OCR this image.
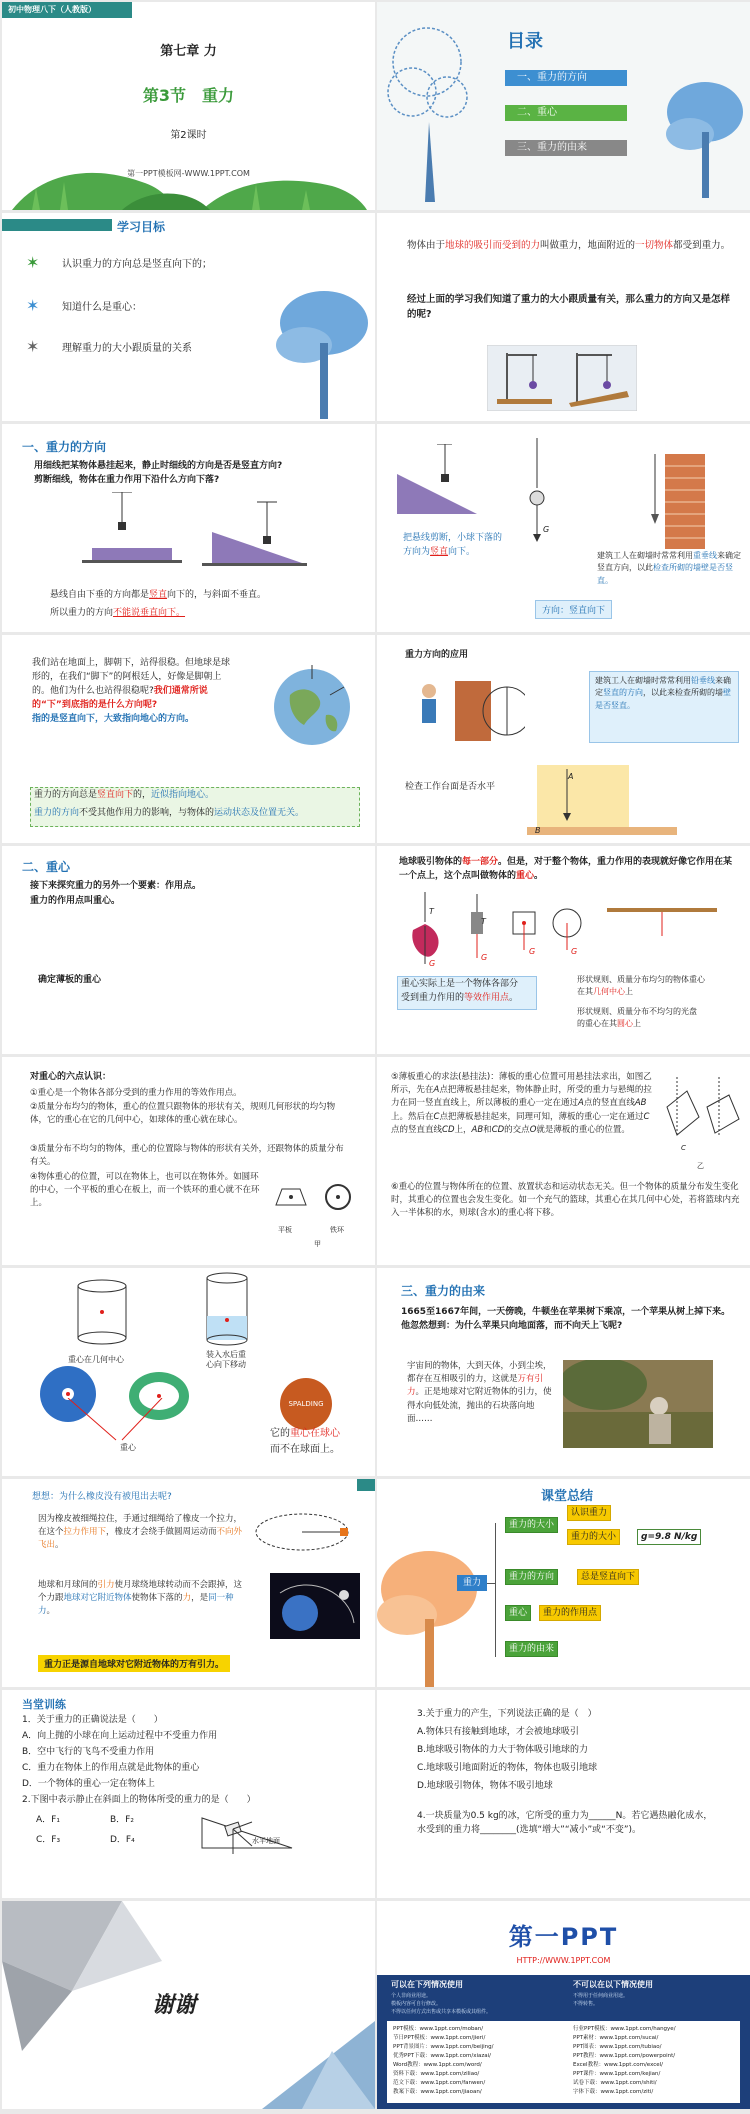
初中物理八下（人教版）
第七章 力
第3节　重力
第2课时
第一PPT模板网-WWW.1PPT.COM
目录
一、重力的方向
二、重心
三、重力的由来
学习目标
✶ 认识重力的方向总是竖直向下的；
✶ 知道什么是重心：
✶ 理解重力的大小跟质量的关系
物体由于地球的吸引而受到的力叫做重力，地面附近的一切物体都受到重力。
经过上面的学习我们知道了重力的大小跟质量有关，那么重力的方向又是怎样的呢?
一、重力的方向
用细线把某物体悬挂起来，静止时细线的方向是否是竖直方向?
剪断细线，物体在重力作用下沿什么方向下落?
悬线自由下垂的方向都是竖直向下的，与斜面不垂直。
所以重力的方向不能说垂直向下。
G
把悬线剪断，小球下落的
方向为竖直向下。	建筑工人在砌墙时常常利用重垂线来确定竖直方向，以此检查所砌的墙壁是否竖直。
方向：竖直向下
我们站在地面上，脚朝下，站得很稳。但地球是球形的，在我们“脚下”的阿根廷人，好像是脚朝上的。他们为什么也站得很稳呢?我们通常所说的“下”到底指的是什么方向呢?
指的是竖直向下，大致指向地心的方向。
重力的方向总是竖直向下的，近似指向地心。
重力的方向不受其他作用力的影响，与物体的运动状态及位置无关。
重力方向的应用
建筑工人在砌墙时常常利用铅垂线来确定竖直的方向，以此来检查所砌的墙壁是否竖直。
检查工作台面是否水平
A
B
二、重心
接下来探究重力的另外一个要素：作用点。
重力的作用点叫重心。
确定薄板的重心
地球吸引物体的每一部分。但是，对于整个物体，重力作用的表现就好像它作用在某一个点上，这个点叫做物体的重心。
T
T
G
G
G	G
重心实际上是一个物体各部分
受到重力作用的等效作用点。
形状规则、质量分布均匀的物体重心
在其几何中心上
形状规则、质量分布不均匀的光盘
的重心在其圆心上
对重心的六点认识：
①重心是一个物体各部分受到的重力作用的等效作用点。
②质量分布均匀的物体，重心的位置只跟物体的形状有关，规则几何形状的均匀物体，它的重心在它的几何中心，如球体的重心就在球心。
③质量分布不均匀的物体，重心的位置除与物体的形状有关外，还跟物体的质量分布有关。
④物体重心的位置，可以在物体上，也可以在物体外。如圆环的中心，一个平板的重心在板上，而一个铁环的重心就不在环上。
平板	铁环
甲
⑤薄板重心的求法(悬挂法)：薄板的重心位置可用悬挂法求出，如图乙所示，先在A点把薄板悬挂起来，物体静止时，所受的重力与悬绳的拉力在同一竖直直线上，所以薄板的重心一定在通过A点的竖直直线AB上。然后在C点把薄板悬挂起来，同理可知，薄板的重心一定在通过C点的竖直直线CD上，AB和CD的交点O就是薄板的重心的位置。
乙
C
⑥重心的位置与物体所在的位置、放置状态和运动状态无关。但一个物体的质量分布发生变化时，其重心的位置也会发生变化。如一个充气的篮球，其重心在其几何中心处，若将篮球内充入一半体积的水，则球(含水)的重心将下移。
重心在几何中心
装入水后重
心向下移动
重心
SPALDING
它的重心在球心
而不在球面上。
三、重力的由来
1665至1667年间，一天傍晚，牛顿坐在苹果树下乘凉，一个苹果从树上掉下来。他忽然想到：为什么苹果只向地面落，而不向天上飞呢?
宇宙间的物体，大到天体，小到尘埃，都存在互相吸引的力，这就是万有引力。正是地球对它附近物体的引力，使得水向低处流，抛出的石块落向地面……
想想：为什么橡皮没有被甩出去呢?
因为橡皮被细绳拉住，手通过细绳给了橡皮一个拉力，在这个拉力作用下，橡皮才会绕手做圆周运动而不向外飞出。
地球和月球间的引力使月球绕地球转动而不会跟掉，这个力跟地球对它附近物体使物体下落的力，是同一种力。
重力正是源自地球对它附近物体的万有引力。
课堂总结
重力
重力的大小
认识重力
重力的大小	g=9.8 N/kg
重力的方向	总是竖直向下
重心	重力的作用点
重力的由来
当堂训练
1．关于重力的正确说法是（　　）
A．向上抛的小球在向上运动过程中不受重力作用
B．空中飞行的飞鸟不受重力作用
C．重力在物体上的作用点就是此物体的重心
D．一个物体的重心一定在物体上
2.下图中表示静止在斜面上的物体所受的重力的是（　　）
A．F₁	B．F₂
C．F₃	D．F₄	水平地面
3.关于重力的产生，下列说法正确的是（　）
A.物体只有接触到地球，才会被地球吸引
B.地球吸引物体的力大于物体吸引地球的力
C.地球吸引地面附近的物体，物体也吸引地球
D.地球吸引物体，物体不吸引地球
4.一块质量为0.5 kg的冰，它所受的重力为______N。若它遇热融化成水，水受到的重力将________(选填“增大”“减小”或“不变”)。
谢谢
第一PPT
HTTP://WWW.1PPT.COM
可以在下列情况使用	不可以在以下情况使用
个人非商业用途。
模板内容可自行修改。
不得以任何方式出售或共享本模板或其组件。
不得用于任何商业用途。
不得转售。
PPT模板：www.1ppt.com/moban/
节日PPT模板：www.1ppt.com/jieri/
PPT背景图片：www.1ppt.com/beijing/
优秀PPT下载：www.1ppt.com/xiazai/
Word教程：www.1ppt.com/word/
资料下载：www.1ppt.com/ziliao/
范文下载：www.1ppt.com/fanwen/
教案下载：www.1ppt.com/jiaoan/
行业PPT模板：www.1ppt.com/hangye/
PPT素材：www.1ppt.com/sucai/
PPT图表：www.1ppt.com/tubiao/
PPT教程：www.1ppt.com/powerpoint/
Excel教程：www.1ppt.com/excel/
PPT课件：www.1ppt.com/kejian/
试卷下载：www.1ppt.com/shiti/
字体下载：www.1ppt.com/ziti/
